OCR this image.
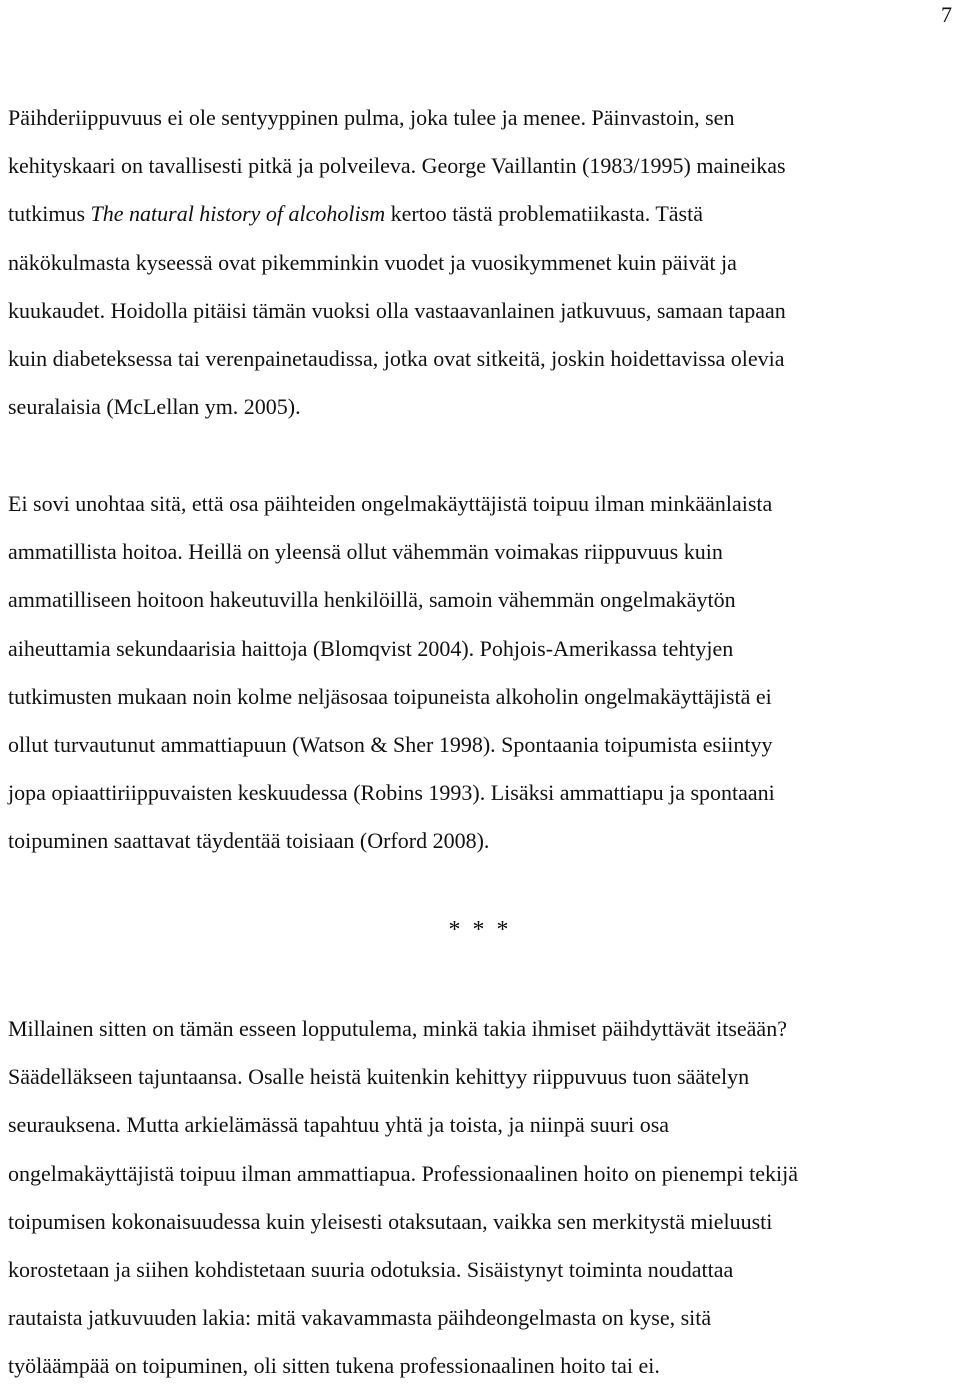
7

Päihderiippuvuus ei ole sentyyppinen pulma, joka tulee ja menee. Päinvastoin, sen
kehityskaari on tavallisesti pitkä ja polveileva. George Vaillantin (1983/1995) maineikas
tutkimus The natural history of alcoholism kertoo tästä problematiikasta. Tästä
näkökulmasta kyseessä ovat pikemminkin vuodet ja vuosikymmenet kuin päivät ja
kuukaudet. Hoidolla pitäisi tämän vuoksi olla vastaavanlainen jatkuvuus, samaan tapaan
kuin diabeteksessa tai verenpainetaudissa, jotka ovat sitkeitä, joskin hoidettavissa olevia
seuralaisia (McLellan ym. 2005).

Ei sovi unohtaa sitä, että osa päihteiden ongelmakäyttäjistä toipuu ilman minkäänlaista
ammatillista hoitoa. Heillä on yleensä ollut vähemmän voimakas riippuvuus kuin
ammatilliseen hoitoon hakeutuvilla henkilöillä, samoin vähemmän ongelmakäytön
aiheuttamia sekundaarisia haittoja (Blomqvist 2004). Pohjois-Amerikassa tehtyjen
tutkimusten mukaan noin kolme neljäsosaa toipuneista alkoholin ongelmakäyttäjistä ei
ollut turvautunut ammattiapuun (Watson & Sher 1998). Spontaania toipumista esiintyy
jopa opiaattiriippuvaisten keskuudessa (Robins 1993). Lisäksi ammattiapu ja spontaani
toipuminen saattavat täydentää toisiaan (Orford 2008).

* * *

Millainen sitten on tämän esseen lopputulema, minkä takia ihmiset päihdyttävät itseään?
Säädelläkseen tajuntaansa. Osalle heistä kuitenkin kehittyy riippuvuus tuon säätelyn
seurauksena. Mutta arkielämässä tapahtuu yhtä ja toista, ja niinpä suuri osa
ongelmakäyttäjistä toipuu ilman ammattiapua. Professionaalinen hoito on pienempi tekijä
toipumisen kokonaisuudessa kuin yleisesti otaksutaan, vaikka sen merkitystä mieluusti
korostetaan ja siihen kohdistetaan suuria odotuksia. Sisäistynyt toiminta noudattaa
rautaista jatkuvuuden lakia: mitä vakavammasta päihdeongelmasta on kyse, sitä
työläämpää on toipuminen, oli sitten tukena professionaalinen hoito tai ei.
